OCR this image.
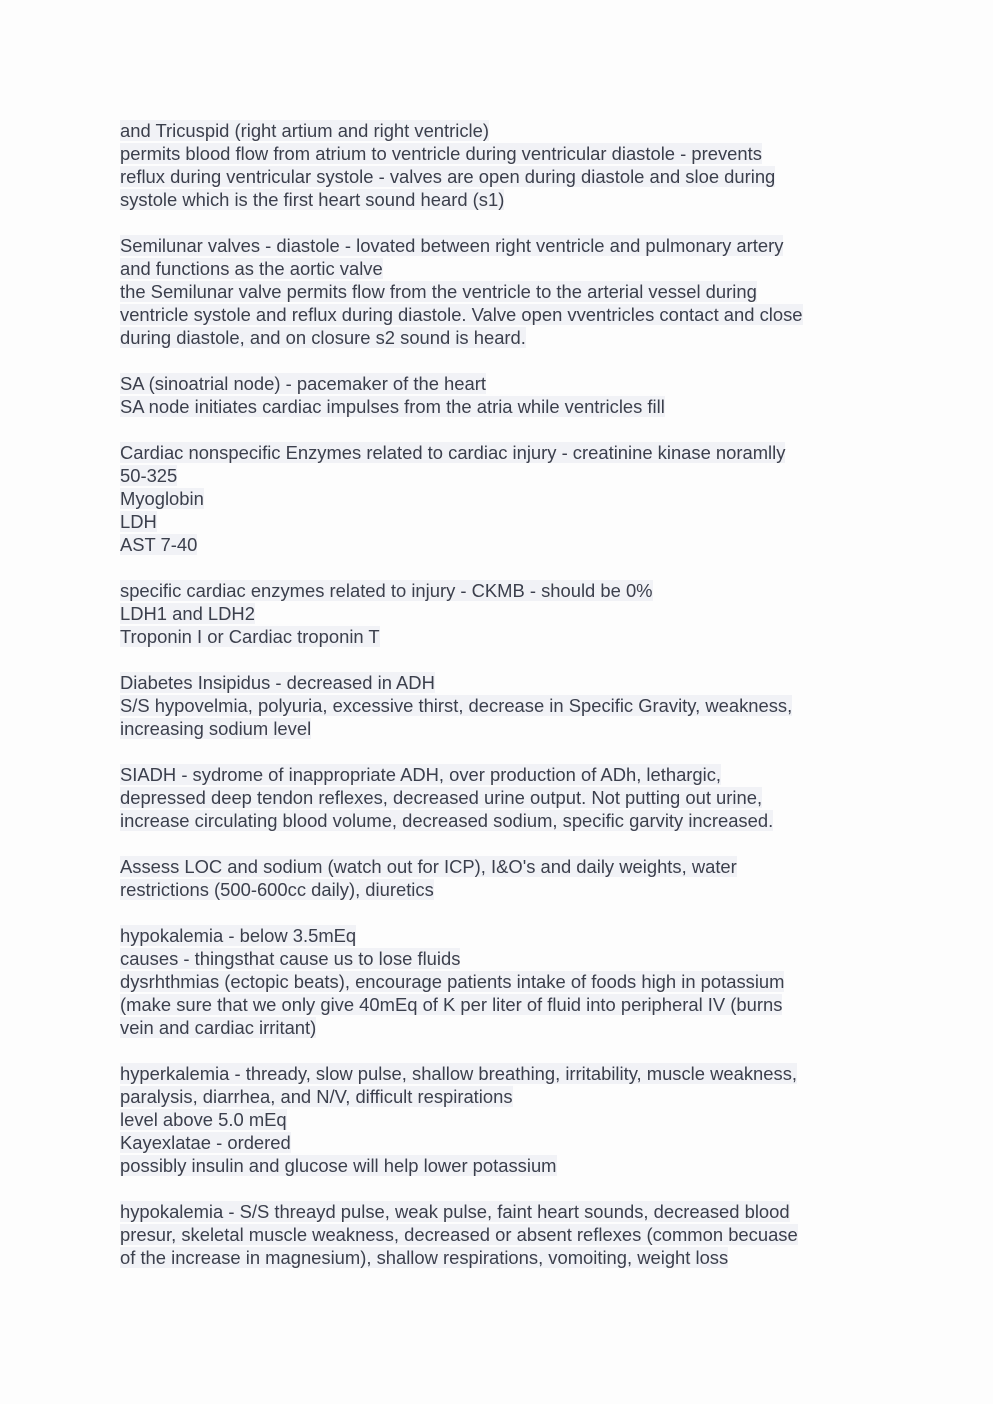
and Tricuspid (right artium and right ventricle)
permits blood flow from atrium to ventricle during ventricular diastole - prevents
reflux during ventricular systole - valves are open during diastole and sloe during
systole which is the first heart sound heard (s1)
Semilunar valves - diastole - lovated between right ventricle and pulmonary artery
and functions as the aortic valve
the Semilunar valve permits flow from the ventricle to the arterial vessel during
ventricle systole and reflux during diastole. Valve open vventricles contact and close
during diastole, and on closure s2 sound is heard.
SA (sinoatrial node) - pacemaker of the heart
SA node initiates cardiac impulses from the atria while ventricles fill
Cardiac nonspecific Enzymes related to cardiac injury - creatinine kinase noramlly
50-325
Myoglobin
LDH
AST 7-40
specific cardiac enzymes related to injury - CKMB - should be 0%
LDH1 and LDH2
Troponin I or Cardiac troponin T
Diabetes Insipidus - decreased in ADH
S/S hypovelmia, polyuria, excessive thirst, decrease in Specific Gravity, weakness,
increasing sodium level
SIADH - sydrome of inappropriate ADH, over production of ADh, lethargic,
depressed deep tendon reflexes, decreased urine output. Not putting out urine,
increase circulating blood volume, decreased sodium, specific garvity increased.
Assess LOC and sodium (watch out for ICP), I&O's and daily weights, water
restrictions (500-600cc daily), diuretics
hypokalemia - below 3.5mEq
causes - thingsthat cause us to lose fluids
dysrhthmias (ectopic beats), encourage patients intake of foods high in potassium
(make sure that we only give 40mEq of K per liter of fluid into peripheral IV (burns
vein and cardiac irritant)
hyperkalemia - thready, slow pulse, shallow breathing, irritability, muscle weakness,
paralysis, diarrhea, and N/V, difficult respirations
level above 5.0 mEq
Kayexlatae - ordered
possibly insulin and glucose will help lower potassium
hypokalemia - S/S threayd pulse, weak pulse, faint heart sounds, decreased blood
presur, skeletal muscle weakness, decreased or absent reflexes (common becuase
of the increase in magnesium), shallow respirations, vomoiting, weight loss
